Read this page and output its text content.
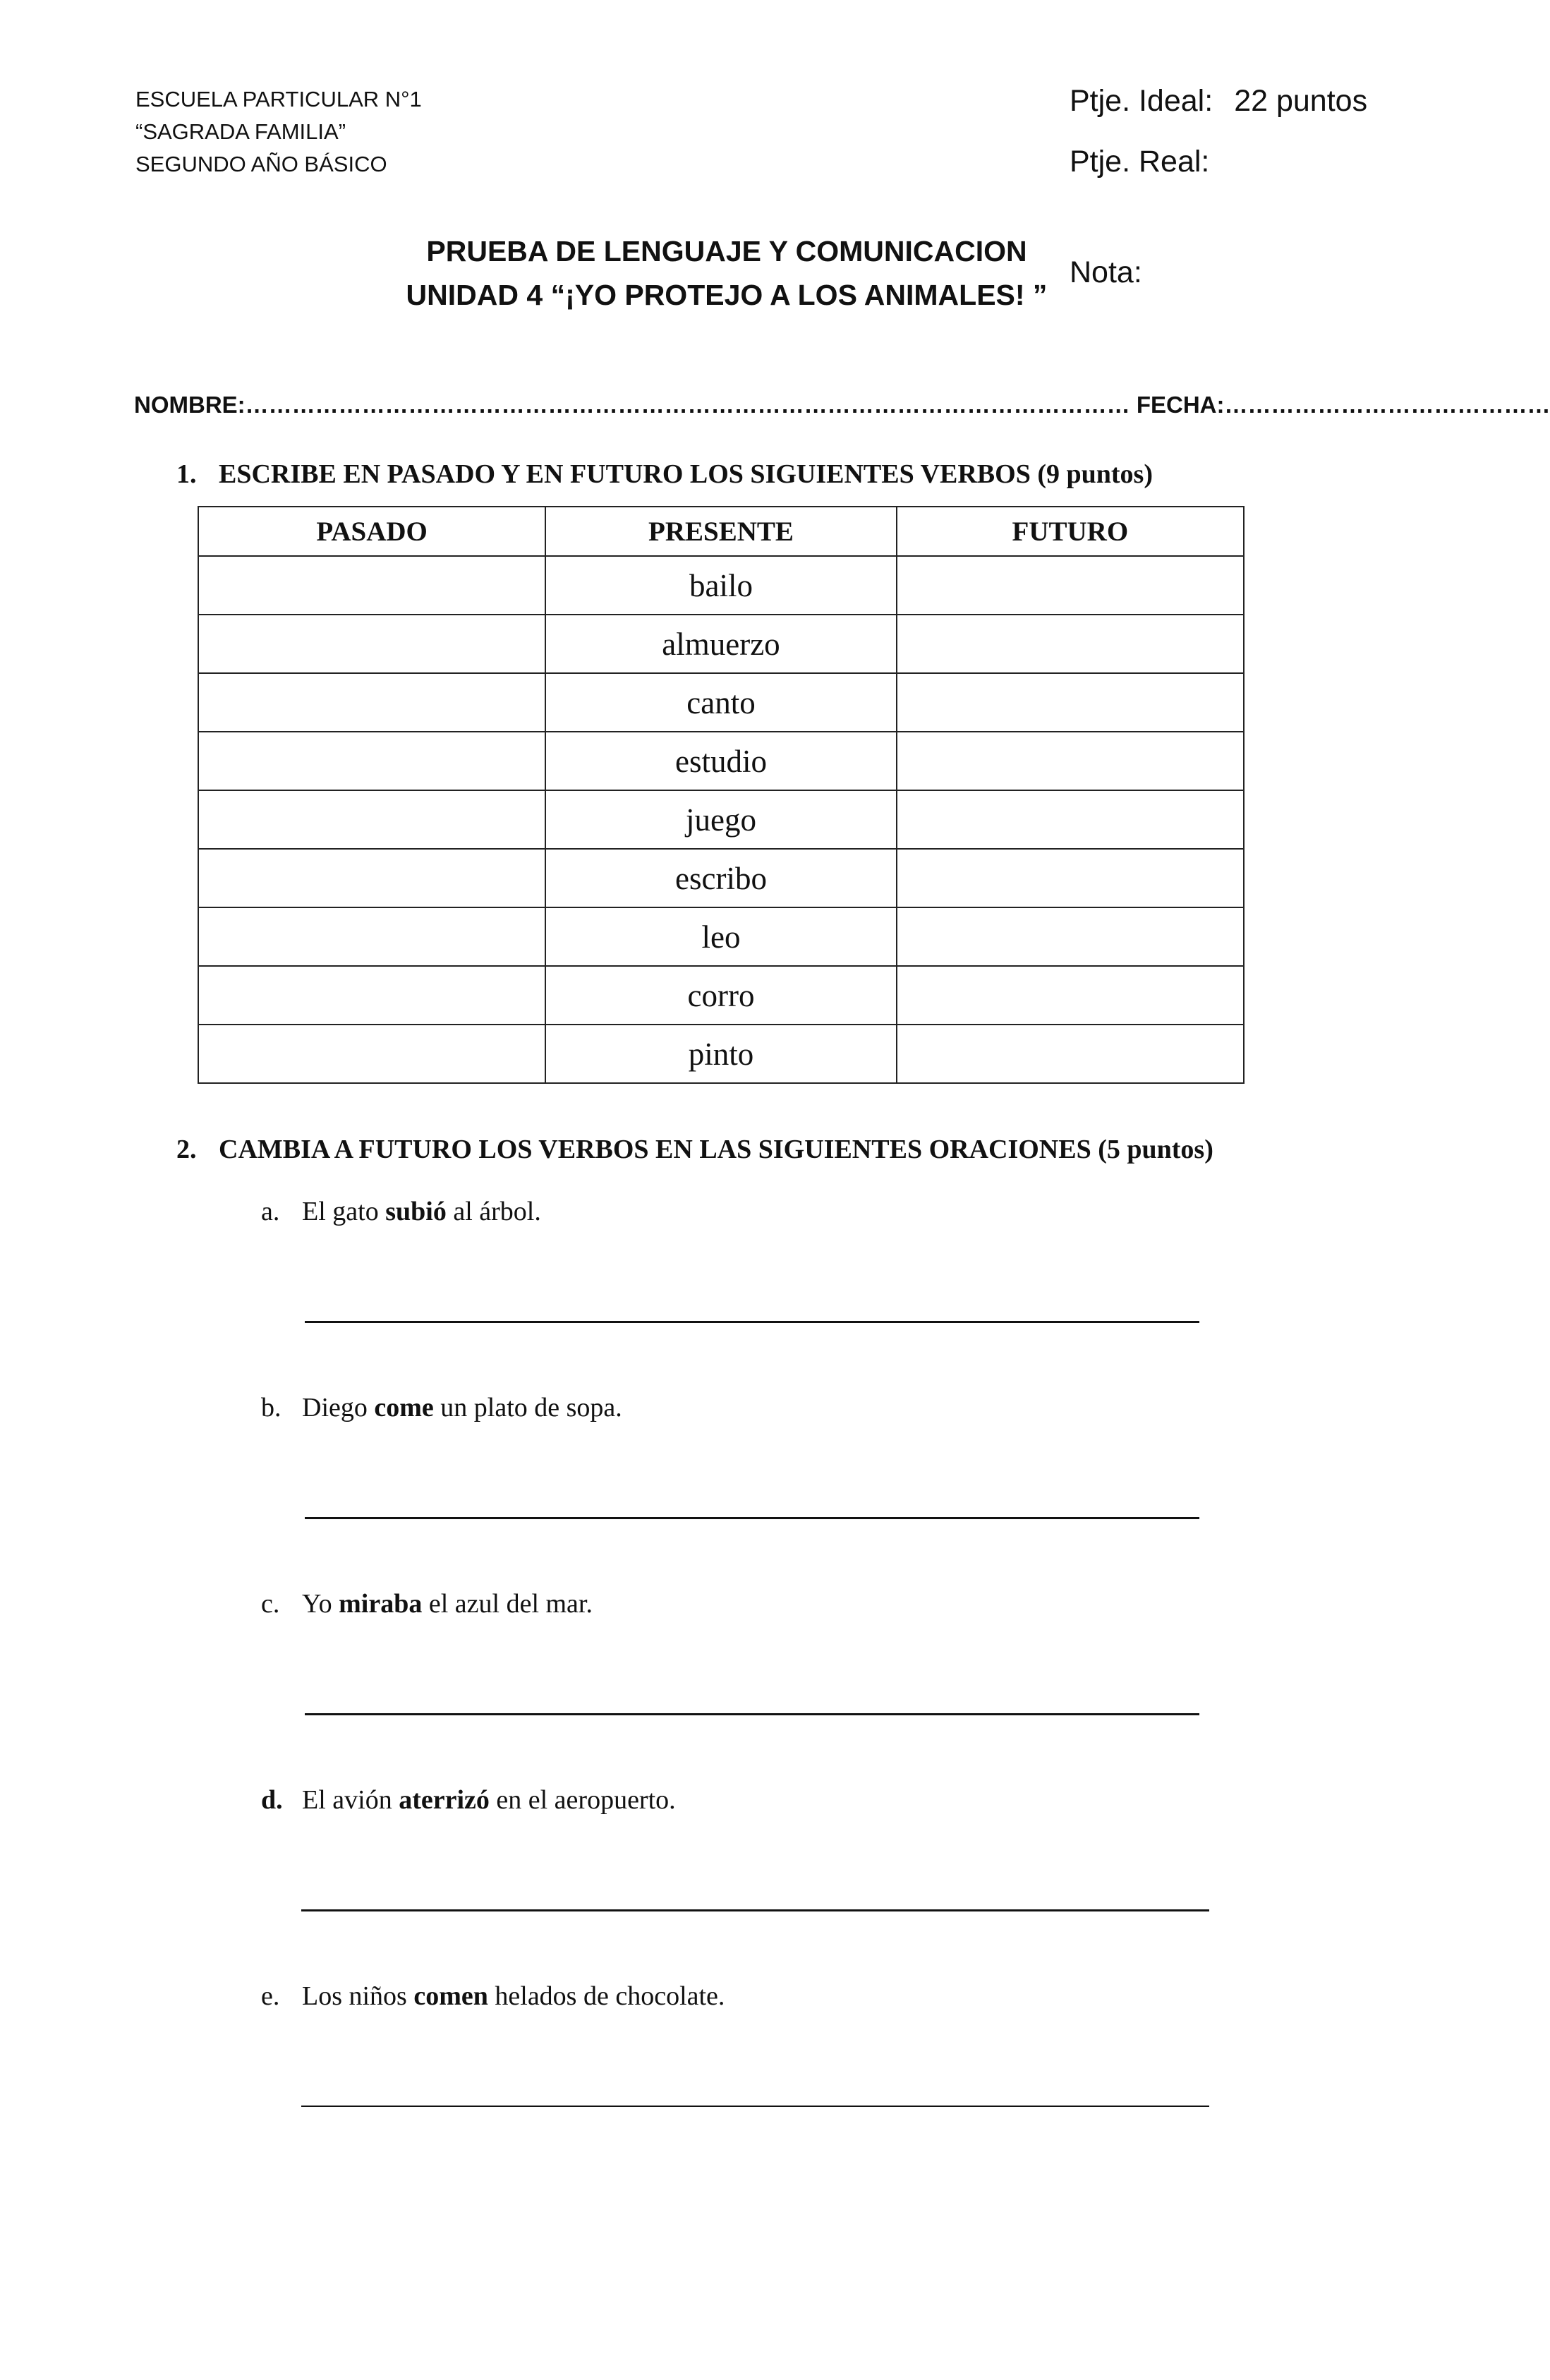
ESCUELA PARTICULAR N°1
“SAGRADA FAMILIA”
SEGUNDO AÑO BÁSICO
Ptje. Ideal: 22 puntos
Ptje. Real:
PRUEBA DE LENGUAJE Y COMUNICACION
UNIDAD 4 “¡YO PROTEJO A LOS ANIMALES! ”
Nota:
NOMBRE:…………………………………………………………………………………………………… FECHA:……………………………………
1. ESCRIBE EN PASADO Y EN FUTURO LOS SIGUIENTES VERBOS (9 puntos)
PASADO	PRESENTE	FUTURO
	bailo	
	almuerzo	
	canto	
	estudio	
	juego	
	escribo	
	leo	
	corro	
	pinto	
2. CAMBIA A FUTURO LOS VERBOS EN LAS SIGUIENTES ORACIONES (5 puntos)
a. El gato subió al árbol.
b. Diego come un plato de sopa.
c. Yo miraba el azul del mar.
d. El avión aterrizó en el aeropuerto.
e. Los niños comen helados de chocolate.
